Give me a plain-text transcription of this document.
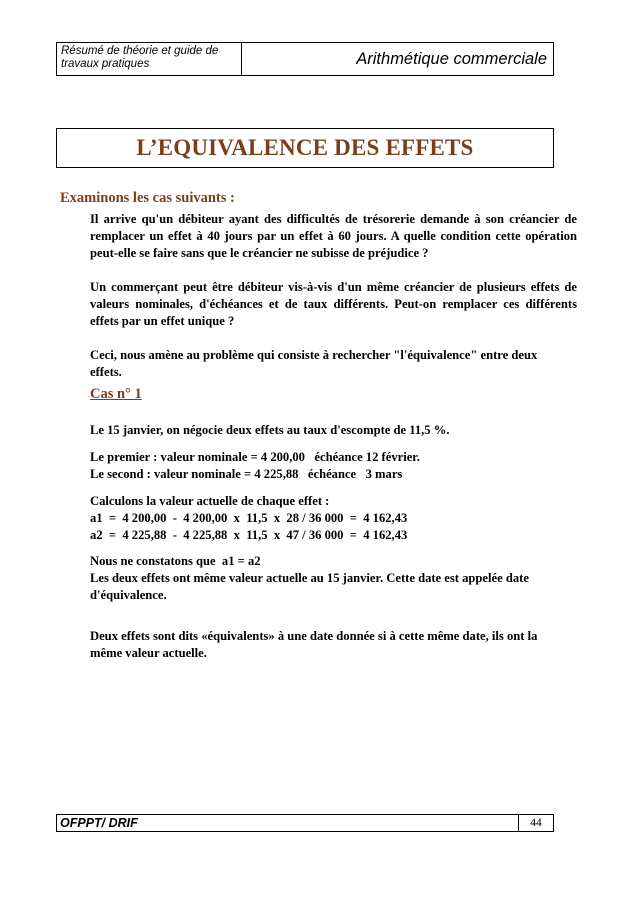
Résumé de théorie et guide de
travaux pratiques	Arithmétique commerciale
L’EQUIVALENCE DES EFFETS
Examinons les cas suivants :

Il arrive qu'un débiteur ayant des difficultés de trésorerie demande à son créancier de remplacer un effet à 40 jours par un effet à 60 jours. A quelle condition cette opération peut-elle se faire sans que le créancier ne subisse de préjudice ?

Un commerçant peut être débiteur vis-à-vis d'un même créancier de plusieurs effets de valeurs nominales, d'échéances et de taux différents. Peut-on remplacer ces différents effets par un effet unique ?

Ceci, nous amène au problème qui consiste à rechercher "l'équivalence" entre deux
effets.
Cas n° 1
Le 15 janvier, on négocie deux effets au taux d'escompte de 11,5 %.
Le premier : valeur nominale = 4 200,00   échéance 12 février.
Le second : valeur nominale = 4 225,88   échéance   3 mars
Calculons la valeur actuelle de chaque effet :
a1  =  4 200,00  -  4 200,00  x  11,5  x  28 / 36 000  =  4 162,43
a2  =  4 225,88  -  4 225,88  x  11,5  x  47 / 36 000  =  4 162,43
Nous ne constatons que  a1 = a2
Les deux effets ont même valeur actuelle au 15 janvier. Cette date est appelée date
d'équivalence.
Deux effets sont dits «équivalents» à une date donnée si à cette même date, ils ont la
même valeur actuelle.
OFPPT/ DRIF	44
